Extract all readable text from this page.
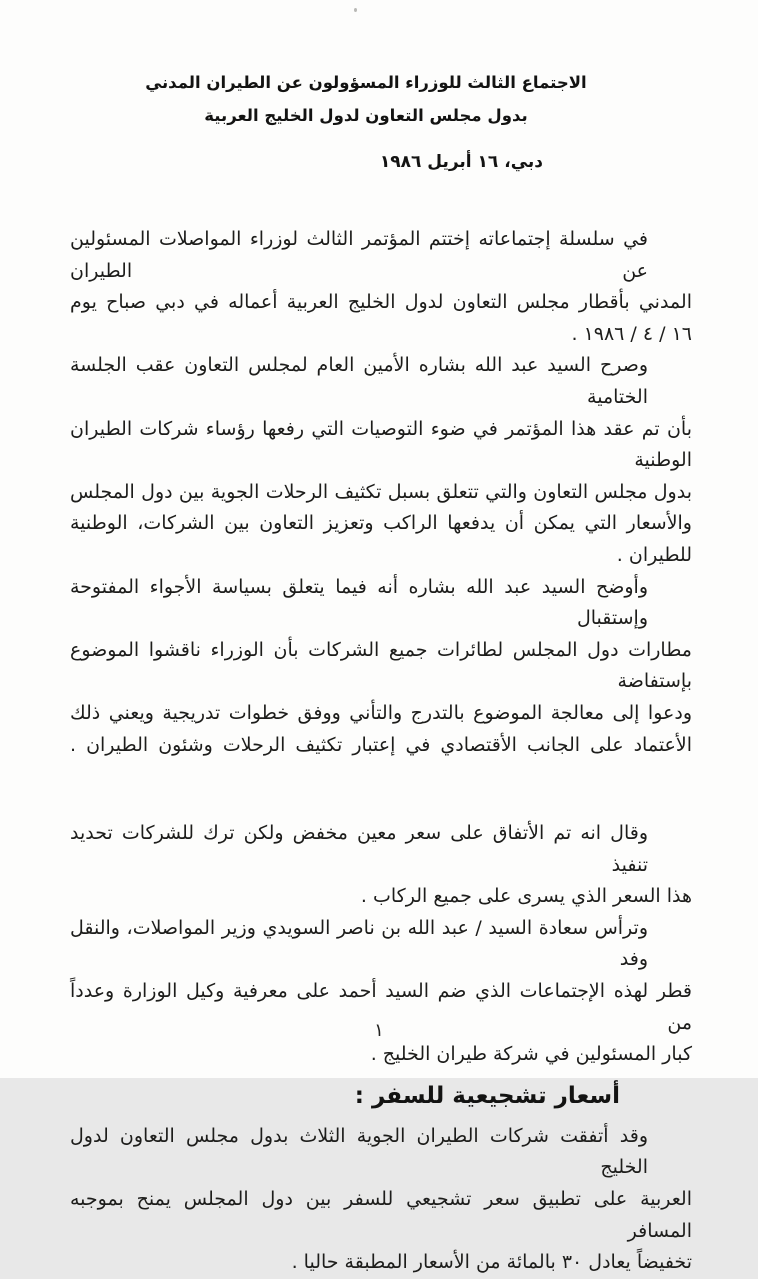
الاجتماع الثالث للوزراء المسؤولون عن الطيران المدني
بدول مجلس التعاون لدول الخليج العربية
دبي، ١٦ أبريل ١٩٨٦
في سلسلة إجتماعاته إختتم المؤتمر الثالث لوزراء المواصلات المسئولين عن الطيران
المدني بأقطار مجلس التعاون لدول الخليج العربية أعماله في دبي صباح يوم
١٦ / ٤ / ١٩٨٦ .
وصرح السيد عبد الله بشاره الأمين العام لمجلس التعاون عقب الجلسة الختامية
بأن تم عقد هذا المؤتمر في ضوء التوصيات التي رفعها رؤساء شركات الطيران الوطنية
بدول مجلس التعاون والتي تتعلق بسبل تكثيف الرحلات الجوية بين دول المجلس
والأسعار التي يمكن أن يدفعها الراكب وتعزيز التعاون بين الشركات، الوطنية
للطيران .
وأوضح السيد عبد الله بشاره أنه فيما يتعلق بسياسة الأجواء المفتوحة وإستقبال
مطارات دول المجلس لطائرات جميع الشركات بأن الوزراء ناقشوا الموضوع بإستفاضة
ودعوا إلى معالجة الموضوع بالتدرج والتأني ووفق خطوات تدريجية ويعني ذلك
الأعتماد على الجانب الأقتصادي في إعتبار تكثيف الرحلات وشئون الطيران .
وقال انه تم الأتفاق على سعر معين مخفض ولكن ترك للشركات تحديد تنفيذ
هذا السعر الذي يسرى على جميع الركاب .
وترأس سعادة السيد / عبد الله بن ناصر السويدي وزير المواصلات، والنقل وفد
قطر لهذه الإجتماعات الذي ضم السيد أحمد على معرفية وكيل الوزارة وعدداً من
كبار المسئولين في شركة طيران الخليج .
أسعار تشجيعية للسفر :
وقد أتفقت شركات الطيران الجوية الثلاث بدول مجلس التعاون لدول الخليج
العربية على تطبيق سعر تشجيعي للسفر بين دول المجلس يمنح بموجبه المسافر
تخفيضاً يعادل ٣٠ بالمائة من الأسعار المطبقة حاليا .
١
